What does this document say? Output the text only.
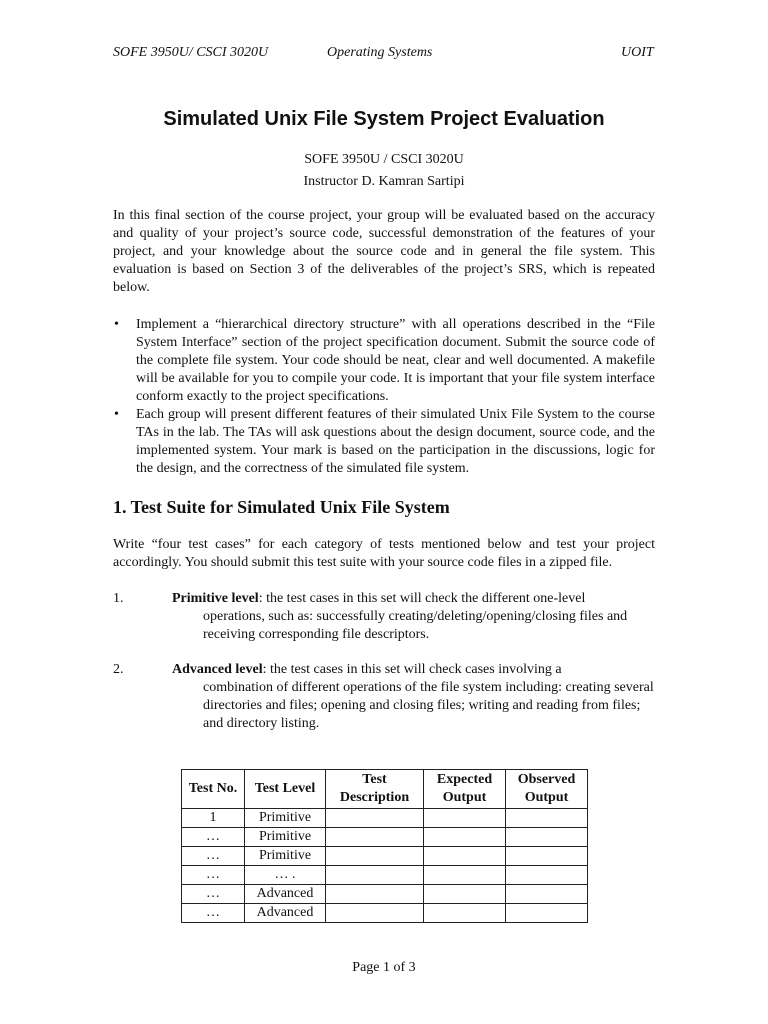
SOFE 3950U/ CSCI 3020U	Operating Systems	UOIT
Simulated Unix File System Project Evaluation
SOFE 3950U / CSCI 3020U
Instructor D. Kamran Sartipi
In this final section of the course project, your group will be evaluated based on the accuracy and quality of your project’s source code, successful demonstration of the features of your project, and your knowledge about the source code and in general the file system. This evaluation is based on Section 3 of the deliverables of the project’s SRS, which is repeated below.
• Implement a “hierarchical directory structure” with all operations described in the “File System Interface” section of the project specification document. Submit the source code of the complete file system. Your code should be neat, clear and well documented. A makefile will be available for you to compile your code. It is important that your file system interface conform exactly to the project specifications.
• Each group will present different features of their simulated Unix File System to the course TAs in the lab. The TAs will ask questions about the design document, source code, and the implemented system. Your mark is based on the participation in the discussions, logic for the design, and the correctness of the simulated file system.
1. Test Suite for Simulated Unix File System
Write “four test cases” for each category of tests mentioned below and test your project accordingly. You should submit this test suite with your source code files in a zipped file.
1.	Primitive level: the test cases in this set will check the different one-level
operations, such as: successfully creating/deleting/opening/closing files and receiving corresponding file descriptors.
2.	Advanced level: the test cases in this set will check cases involving a
combination of different operations of the file system including: creating several directories and files; opening and closing files; writing and reading from files; and directory listing.
Test No.	Test Level	Test Description	Expected Output	Observed Output
1	Primitive			
…	Primitive			
…	Primitive			
…	… .			
…	Advanced			
…	Advanced			
Page 1 of 3
